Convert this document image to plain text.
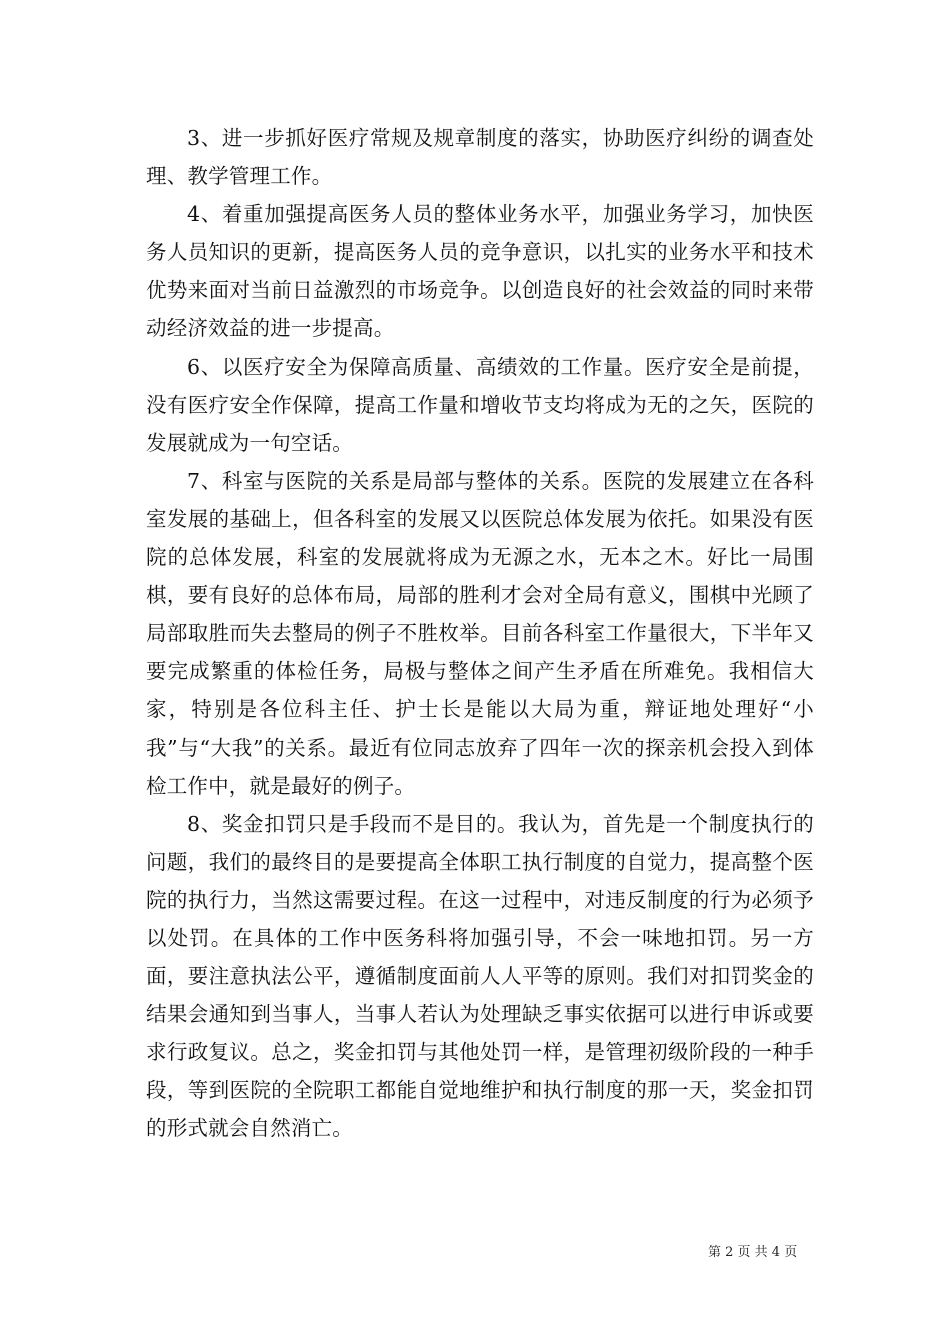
3、进一步抓好医疗常规及规章制度的落实，协助医疗纠纷的调查处理、教学管理工作。

4、着重加强提高医务人员的整体业务水平，加强业务学习，加快医务人员知识的更新，提高医务人员的竞争意识，以扎实的业务水平和技术优势来面对当前日益激烈的市场竞争。以创造良好的社会效益的同时来带动经济效益的进一步提高。

6、以医疗安全为保障高质量、高绩效的工作量。医疗安全是前提，没有医疗安全作保障，提高工作量和增收节支均将成为无的之矢，医院的发展就成为一句空话。

7、科室与医院的关系是局部与整体的关系。医院的发展建立在各科室发展的基础上，但各科室的发展又以医院总体发展为依托。如果没有医院的总体发展，科室的发展就将成为无源之水，无本之木。好比一局围棋，要有良好的总体布局，局部的胜利才会对全局有意义，围棋中光顾了局部取胜而失去整局的例子不胜枚举。目前各科室工作量很大，下半年又要完成繁重的体检任务，局极与整体之间产生矛盾在所难免。我相信大家，特别是各位科主任、护士长是能以大局为重，辩证地处理好“小我”与“大我”的关系。最近有位同志放弃了四年一次的探亲机会投入到体检工作中，就是最好的例子。

8、奖金扣罚只是手段而不是目的。我认为，首先是一个制度执行的问题，我们的最终目的是要提高全体职工执行制度的自觉力，提高整个医院的执行力，当然这需要过程。在这一过程中，对违反制度的行为必须予以处罚。在具体的工作中医务科将加强引导，不会一味地扣罚。另一方面，要注意执法公平，遵循制度面前人人平等的原则。我们对扣罚奖金的结果会通知到当事人，当事人若认为处理缺乏事实依据可以进行申诉或要求行政复议。总之，奖金扣罚与其他处罚一样，是管理初级阶段的一种手段，等到医院的全院职工都能自觉地维护和执行制度的那一天，奖金扣罚的形式就会自然消亡。

第 2 页 共 4 页
